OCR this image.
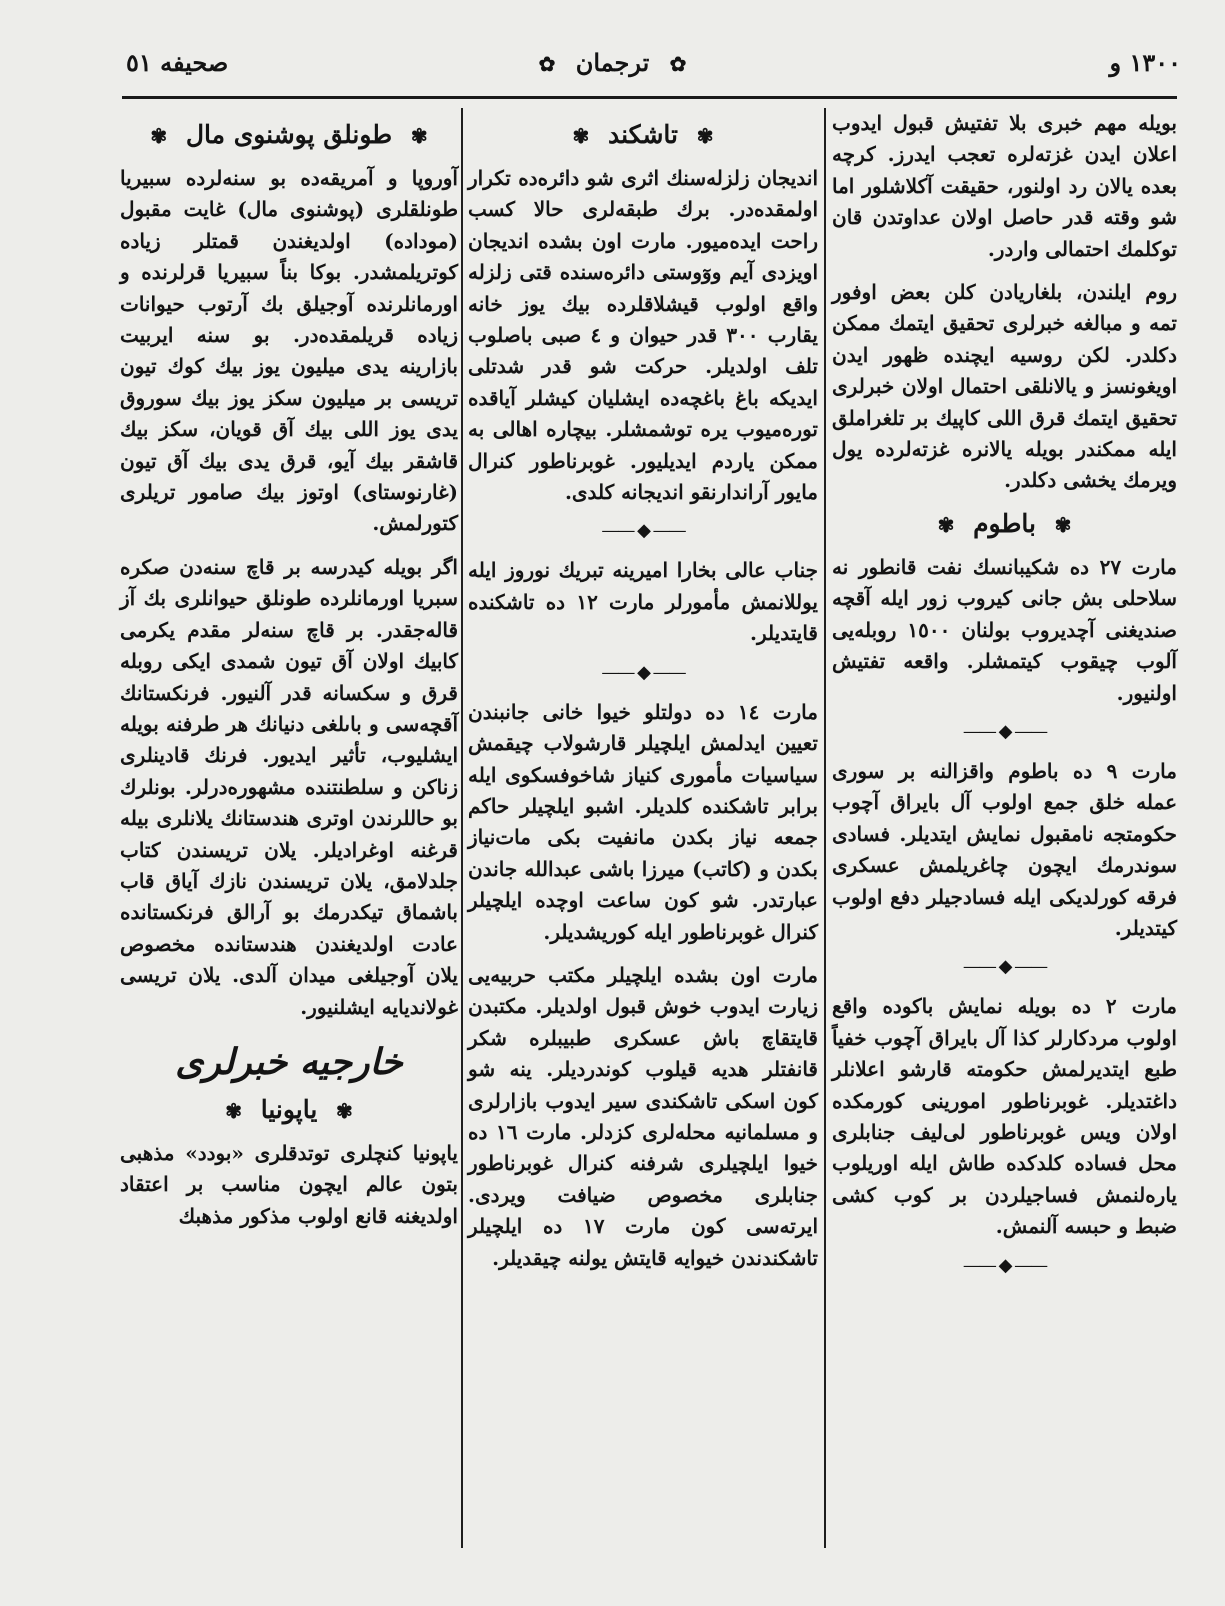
صحيفه ٥١	✿ ترجمان ✿	١٣٠٠ و

بويله مهم خبرى بلا تفتيش قبول ايدوب اعلان ايدن غزته‌لره تعجب ايدرز. كرچه بعده يالان رد اولنور، حقيقت آكلاشلور اما شو وقته قدر حاصل اولان عداوتدن قان توكلمك احتمالى واردر.

روم ايلندن، بلغاريادن كلن بعض اوفور تمه و مبالغه خبرلرى تحقيق ايتمك ممكن دكلدر. لكن روسيه ايچنده ظهور ايدن اويغونسز و يالانلقى احتمال اولان خبرلرى تحقيق ايتمك قرق اللى كاپيك بر تلغراملق ايله ممكندر بويله يالانره غزته‌لرده يول ويرمك يخشى دكلدر.

✾ باطوم ✾

مارت ٢٧ ده شكيبانسك نفت قانطور نه سلاحلى بش جانى كيروب زور ايله آقچه صندیغنى آچديروب بولنان ١٥٠٠ روبله‌يى آلوب چيقوب كيتمشلر. واقعه تفتيش اولنيور.

—— ◆ ——

مارت ٩ ده باطوم واقزالنه بر سورى عمله خلق جمع اولوب آل بايراق آچوب حكومتجه نامقبول نمايش ايتديلر. فسادى سوندرمك ايچون چاغريلمش عسكرى فرقه كورلديكى ايله فسادجيلر دفع اولوب كيتديلر.

—— ◆ ——

مارت ٢ ده بويله نمايش باكوده واقع اولوب مردكارلر كذا آل بايراق آچوب خفياً طبع ايتديرلمش حكومته قارشو اعلانلر داغتديلر. غوبرناطور امورينى كورمكده اولان ويس غوبرناطور لى‌ليف جنابلرى محل فساده كلدكده طاش ايله اوريلوب يارەلنمش فساجيلردن بر كوب كشى ضبط و حبسه آلنمش.

—— ◆ ——
✾ تاشكند ✾

انديجان زلزله‌سنك اثرى شو دائره‌ده تكرار اولمقده‌در. برك طبقه‌لرى حالا كسب راحت ايده‌ميور. مارت اون بشده انديجان اويزدى آيم ووٓوستى دائره‌سنده قتى زلزله واقع اولوب قيشلاقلرده بيك يوز خانه يقارب ٣٠٠ قدر حيوان و ٤ صبى باصلوب تلف اولديلر. حركت شو قدر شدتلى ايديكه باغ باغچه‌ده ايشليان كيشلر آياقده توره‌ميوب يره توشمشلر. بيچاره اهالى به ممكن ياردم ايديليور. غوبرناطور كنرال مايور آراندارنقو انديجانه كلدى.

—— ◆ ——

جناب عالى بخارا اميرينه تبريك نوروز ايله يوللانمش مأمورلر مارت ١٢ ده تاشكنده قايتديلر.

—— ◆ ——

مارت ١٤ ده دولتلو خيوا خانى جانبندن تعيين ايدلمش ايلچيلر قارشولاب چيقمش سياسيات مأمورى كنياز شاخوفسكوى ايله برابر تاشكنده كلديلر. اشبو ايلچيلر حاكم جمعه نياز بكدن مانفيت بكى مات‌نياز بكدن و (كاتب) ميرزا باشى عبدالله جاندن عبارتدر. شو كون ساعت اوچده ايلچيلر كنرال غوبرناطور ايله كوريشديلر.

مارت اون بشده ايلچيلر مكتب حربيه‌يى زيارت ايدوب خوش قبول اولديلر. مكتبدن قايتقاچ باش عسكرى طبيبلره شكر قانفتلر هديه قيلوب كوندرديلر. ينه شو كون اسكى تاشكندى سير ايدوب بازارلرى و مسلمانيه محله‌لرى كزدلر. مارت ١٦ ده خيوا ايلچيلرى شرفنه كنرال غوبرناطور جنابلرى مخصوص ضيافت ويردى. ايرته‌سى كون مارت ١٧ ده ايلچيلر تاشكندندن خيوايه قايتش يولنه چيقديلر.

✾ طونلق پوشنوى مال ✾

آوروپا و آمريقه‌ده بو سنه‌لرده سبيريا طونلقلرى (پوشنوى مال) غايت مقبول (موداده) اولديغندن قمتلر زياده كوتريلمشدر. بوكا بناً سبيريا قرلرنده و اورمانلرنده آوجيلق بك آرتوب حيوانات زياده قريلمقده‌در. بو سنه ايربيت بازارينه يدى ميليون يوز بيك كوك تيون تريسى بر ميليون سكز يوز بيك سوروق يدى يوز اللى بيك آق قويان، سكز بيك قاشقر بيك آيو، قرق يدى بيك آق تيون (غارنوستاى) اوتوز بيك صامور تريلرى كتورلمش.

اگر بويله كيدرسه بر قاچ سنه‌دن صكره سبريا اورمانلرده طونلق حيوانلرى بك آز قاله‌جقدر. بر قاچ سنه‌لر مقدم يكرمى كابيك اولان آق تيون شمدى ايكى روبله قرق و سكسانه قدر آلنيور. فرنكستانك آقچه‌سى و باىلغى دنيانك هر طرفنه بويله ايشليوب، تأثير ايديور. فرنك قادينلرى زناكن و سلطنتنده مشهوره‌درلر. بونلرك بو حاللرندن اوترى هندستانك يلانلرى بيله قرغنه اوغراديلر. يلان تريسندن كتاب جلدلامق، يلان تريسندن نازك آياق قاب باشماق تيكدرمك بو آرالق فرنكستانده عادت اولديغندن هندستانده مخصوص يلان آوجيلغى ميدان آلدى. يلان تريسى غولانديايه ايشلنيور.

خارجيه خبرلرى
✾ ياپونيا ✾

ياپونيا كنچلرى توتدقلرى «بودد» مذهبى بتون عالم ايچون مناسب بر اعتقاد اولديغنه قانع اولوب مذكور مذهبك
